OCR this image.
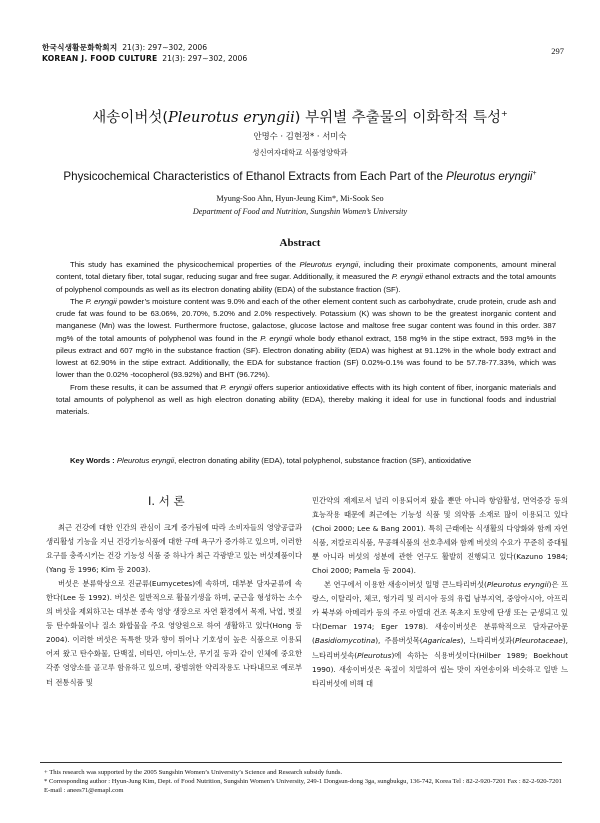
한국식생활문화학회지 21(3): 297∼302, 2006
KOREAN J. FOOD CULTURE 21(3): 297∼302, 2006
297
새송이버섯(Pleurotus eryngii) 부위별 추출물의 이화학적 특성+
안명수 · 김현정* · 서미숙
성신여자대학교 식품영양학과
Physicochemical Characteristics of Ethanol Extracts from Each Part of the Pleurotus eryngii+
Myung-Soo Ahn, Hyun-Jeung Kim*, Mi-Sook Seo
Department of Food and Nutrition, Sungshin Women’s University
Abstract

This study has examined the physicochemical properties of the Pleurotus eryngii, including their proximate components, amount mineral content, total dietary fiber, total sugar, reducing sugar and free sugar. Additionally, it measured the P. eryngii ethanol extracts and the total amounts of polyphenol compounds as well as its electron donating ability (EDA) of the substance fraction (SF).

The P. eryngii powder’s moisture content was 9.0% and each of the other element content such as carbohydrate, crude protein, crude ash and crude fat was found to be 63.06%, 20.70%, 5.20% and 2.0% respectively. Potassium (K) was shown to be the greatest inorganic content and manganese (Mn) was the lowest. Furthermore fructose, galactose, glucose lactose and maltose free sugar content was found in this order. 387 mg% of the total amounts of polyphenol was found in the P. eryngii whole body ethanol extract, 158 mg% in the stipe extract, 593 mg% in the pileus extract and 607 mg% in the substance fraction (SF). Electron donating ability (EDA) was highest at 91.12% in the whole body extract and lowest at 62.90% in the stipe extract. Additionally, the EDA for substance fraction (SF) 0.02%-0.1% was found to be 57.78-77.33%, which was lower than the 0.02% -tocopherol (93.92%) and BHT (96.72%).

From these results, it can be assumed that P. eryngii offers superior antioxidative effects with its high content of fiber, inorganic materials and total amounts of polyphenol as well as high electron donating ability (EDA), thereby making it ideal for use in functional foods and industrial materials.

Key Words : Pleurotus eryngii, electron donating ability (EDA), total polyphenol, substance fraction (SF), antioxidative
Ⅰ. 서 론

최근 건강에 대한 인간의 관심이 크게 증가됨에 따라 소비자들의 영양공급과 생리활성 기능을 지닌 건강기능식품에 대한 구매 욕구가 증가하고 있으며, 이러한 요구를 충족시키는 건강 기능성 식품 중 하나가 최근 각광받고 있는 버섯제품이다(Yang 등 1996; Kim 등 2003).

버섯은 분류학상으로 진균류(Eumycetes)에 속하며, 대부분 담자균류에 속한다(Lee 등 1992). 버섯은 일반적으로 활물기생을 하며, 균근을 형성하는 소수의 버섯을 제외하고는 대부분 종속 영양 생장으로 자연 환경에서 목재, 낙엽, 볏짚 등 탄수화물이나 질소 화합물을 주요 영양원으로 하여 생활하고 있다(Hong 등 2004). 이러한 버섯은 독특한 맛과 향이 뛰어나 기호성이 높은 식품으로 이용되어져 왔고 탄수화물, 단백질, 비타민, 아미노산, 무기질 등과 같이 인체에 중요한 각종 영양소를 골고루 함유하고 있으며, 광범위한 약리작용도 나타내므로 예로부터 전통식품 및

민간약의 재제로서 널리 이용되어져 왔을 뿐만 아니라 항암활성, 면역증강 등의 효능작용 때문에 최근에는 기능성 식품 및 의약품 소재로 많이 이용되고 있다(Choi 2000; Lee & Bang 2001). 특히 근래에는 식생활의 다양화와 함께 자연식품, 저칼로리식품, 무공해식품의 선호추세와 함께 버섯의 수요가 꾸준히 증대될 뿐 아니라 버섯의 성분에 관한 연구도 활발히 진행되고 있다(Kazuno 1984; Choi 2000; Pamela 등 2004).

본 연구에서 이용한 새송이버섯 일명 큰느타리버섯(Pleurotus eryngii)은 프랑스, 이탈리아, 체코, 헝가리 및 러시아 등의 유럽 남부지역, 중앙아시아, 아프리카 북부와 아메리카 등의 주로 아열대 건조 목초지 토양에 단생 또는 군생되고 있다(Demar 1974; Eger 1978). 새송이버섯은 분류학적으로 담자균아문(Basidiomycotina), 주름버섯목(Agaricales), 느타리버섯과(Pleurotaceae), 느타리버섯속(Pleurotus)에 속하는 식용버섯이다(Hilber 1989; Boekhout 1990). 새송이버섯은 육질이 치밀하여 씹는 맛이 자연송이와 비슷하고 일반 느타리버섯에 비해 대

+ This research was supported by the 2005 Sungshin Women’s University’s Science and Research subsidy funds.

* Corresponding author : Hyun-Jung Kim, Dept. of Food Nutrition, Sungshin Women’s University, 249-1 Dongsun-dong 3ga, sungbukgu, 136-742, Korea Tel : 82-2-920-7201 Fax : 82-2-920-7201 E-mail : anees71@emapl.com
